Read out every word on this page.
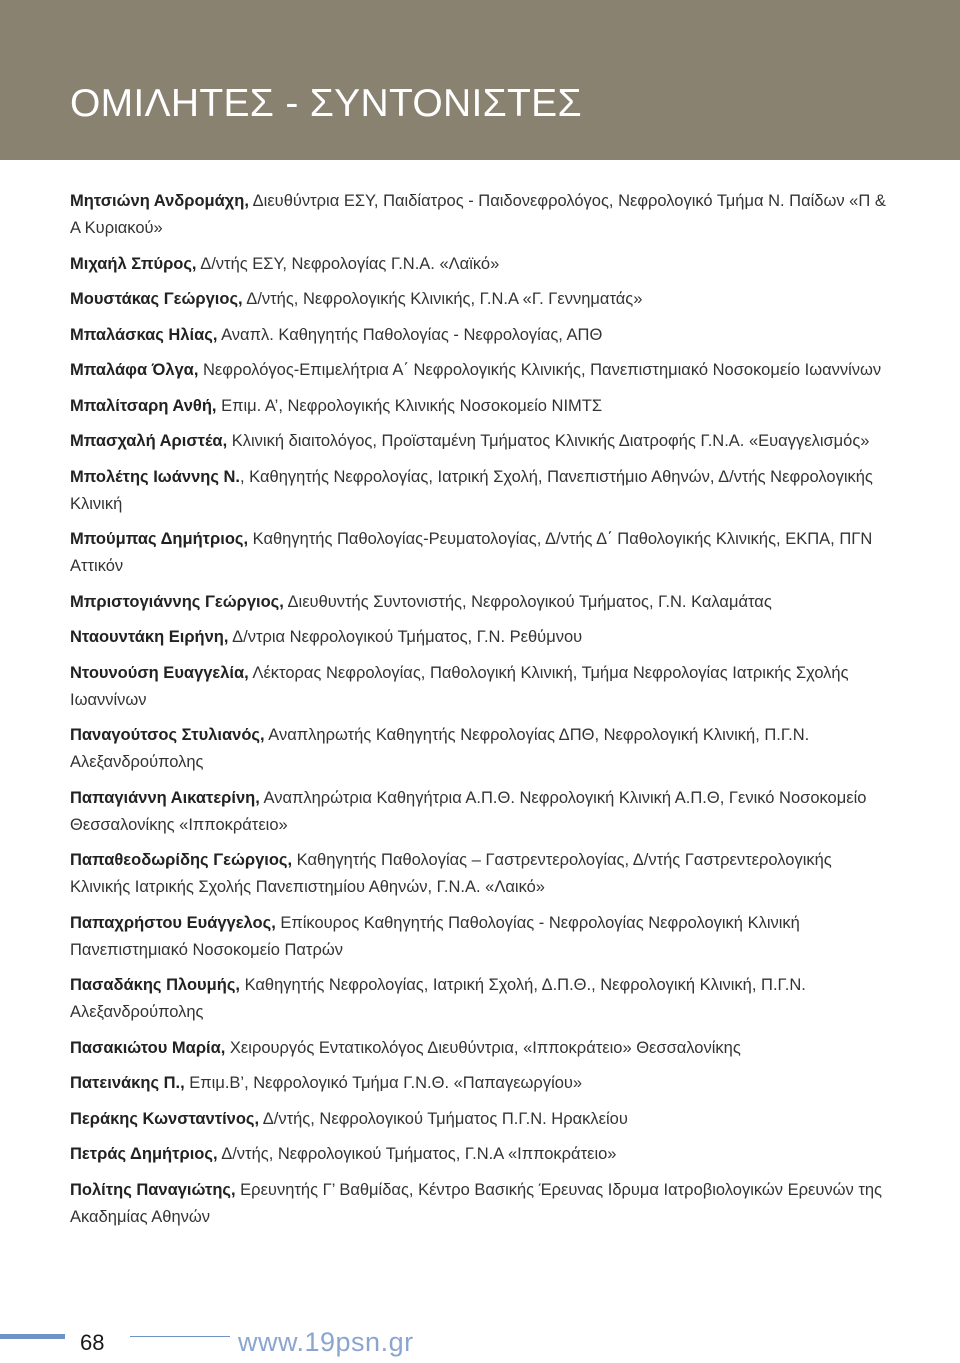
ΟΜΙΛΗΤΕΣ - ΣΥΝΤΟΝΙΣΤΕΣ
Μητσιώνη Ανδρομάχη, Διευθύντρια ΕΣΥ, Παιδίατρος - Παιδονεφρολόγος, Νεφρολογικό Τμήμα Ν. Παίδων «Π & Α Κυριακού»
Μιχαήλ Σπύρος, Δ/ντής ΕΣΥ, Νεφρολογίας Γ.Ν.Α. «Λαϊκό»
Μουστάκας Γεώργιος, Δ/ντής, Νεφρολογικής Κλινικής, Γ.Ν.Α «Γ. Γεννηματάς»
Μπαλάσκας Ηλίας, Αναπλ. Καθηγητής Παθολογίας - Νεφρολογίας, ΑΠΘ
Μπαλάφα Όλγα, Νεφρολόγος-Επιμελήτρια Α΄ Νεφρολογικής Κλινικής, Πανεπιστημιακό Νοσοκομείο Ιωαννίνων
Μπαλίτσαρη Ανθή, Επιμ. Α’, Νεφρολογικής Κλινικής Νοσοκομείο ΝΙΜΤΣ
Μπασχαλή Αριστέα, Κλινική διαιτολόγος, Προϊσταμένη Τμήματος Κλινικής Διατροφής Γ.Ν.Α. «Ευαγγελισμός»
Μπολέτης Ιωάννης Ν., Καθηγητής Νεφρολογίας, Ιατρική Σχολή, Πανεπιστήμιο Αθηνών, Δ/ντής Νεφρολογικής Κλινική
Μπούμπας Δημήτριος, Καθηγητής Παθολογίας-Ρευματολογίας, Δ/ντής Δ΄ Παθολογικής Κλινικής, ΕΚΠΑ, ΠΓΝ Αττικόν
Μπριστογιάννης Γεώργιος, Διευθυντής Συντονιστής, Νεφρολογικού Τμήματος, Γ.Ν. Καλαμάτας
Νταουντάκη Ειρήνη, Δ/ντρια Νεφρολογικού Τμήματος, Γ.Ν. Ρεθύμνου
Ντουνούση Ευαγγελία, Λέκτορας Νεφρολογίας, Παθολογική Κλινική, Τμήμα Νεφρολογίας Ιατρικής Σχολής Ιωαννίνων
Παναγούτσος Στυλιανός, Αναπληρωτής Καθηγητής Νεφρολογίας ΔΠΘ, Νεφρολογική Κλινική, Π.Γ.Ν. Αλεξανδρούπολης
Παπαγιάννη Αικατερίνη, Αναπληρώτρια Καθηγήτρια Α.Π.Θ. Νεφρολογική Κλινική Α.Π.Θ, Γενικό Νοσοκομείο Θεσσαλονίκης «Ιπποκράτειο»
Παπαθεοδωρίδης Γεώργιος, Καθηγητής Παθολογίας – Γαστρεντερολογίας, Δ/ντής Γαστρεντερολογικής Κλινικής Ιατρικής Σχολής Πανεπιστημίου Αθηνών, Γ.Ν.Α. «Λαικό»
Παπαχρήστου Ευάγγελος, Επίκουρος Καθηγητής Παθολογίας - Νεφρολογίας Νεφρολογική Κλινική Πανεπιστημιακό Νοσοκομείο Πατρών
Πασαδάκης Πλουμής, Καθηγητής Νεφρολογίας, Ιατρική Σχολή, Δ.Π.Θ., Νεφρολογική Κλινική, Π.Γ.Ν. Αλεξανδρούπολης
Πασακιώτου Μαρία, Χειρουργός Εντατικολόγος Διευθύντρια, «Ιπποκράτειο» Θεσσαλονίκης
Πατεινάκης Π., Επιμ.Β’, Νεφρολογικό Τμήμα Γ.Ν.Θ. «Παπαγεωργίου»
Περάκης Κωνσταντίνος, Δ/ντής, Νεφρολογικού Τμήματος Π.Γ.Ν. Ηρακλείου
Πετράς Δημήτριος, Δ/ντής, Νεφρολογικού Τμήματος, Γ.Ν.Α «Ιπποκράτειο»
Πολίτης Παναγιώτης, Ερευνητής Γ’ Βαθμίδας, Κέντρο Βασικής Έρευνας Ιδρυμα Ιατροβιολογικών Ερευνών της Ακαδημίας Αθηνών
68	www.19psn.gr
